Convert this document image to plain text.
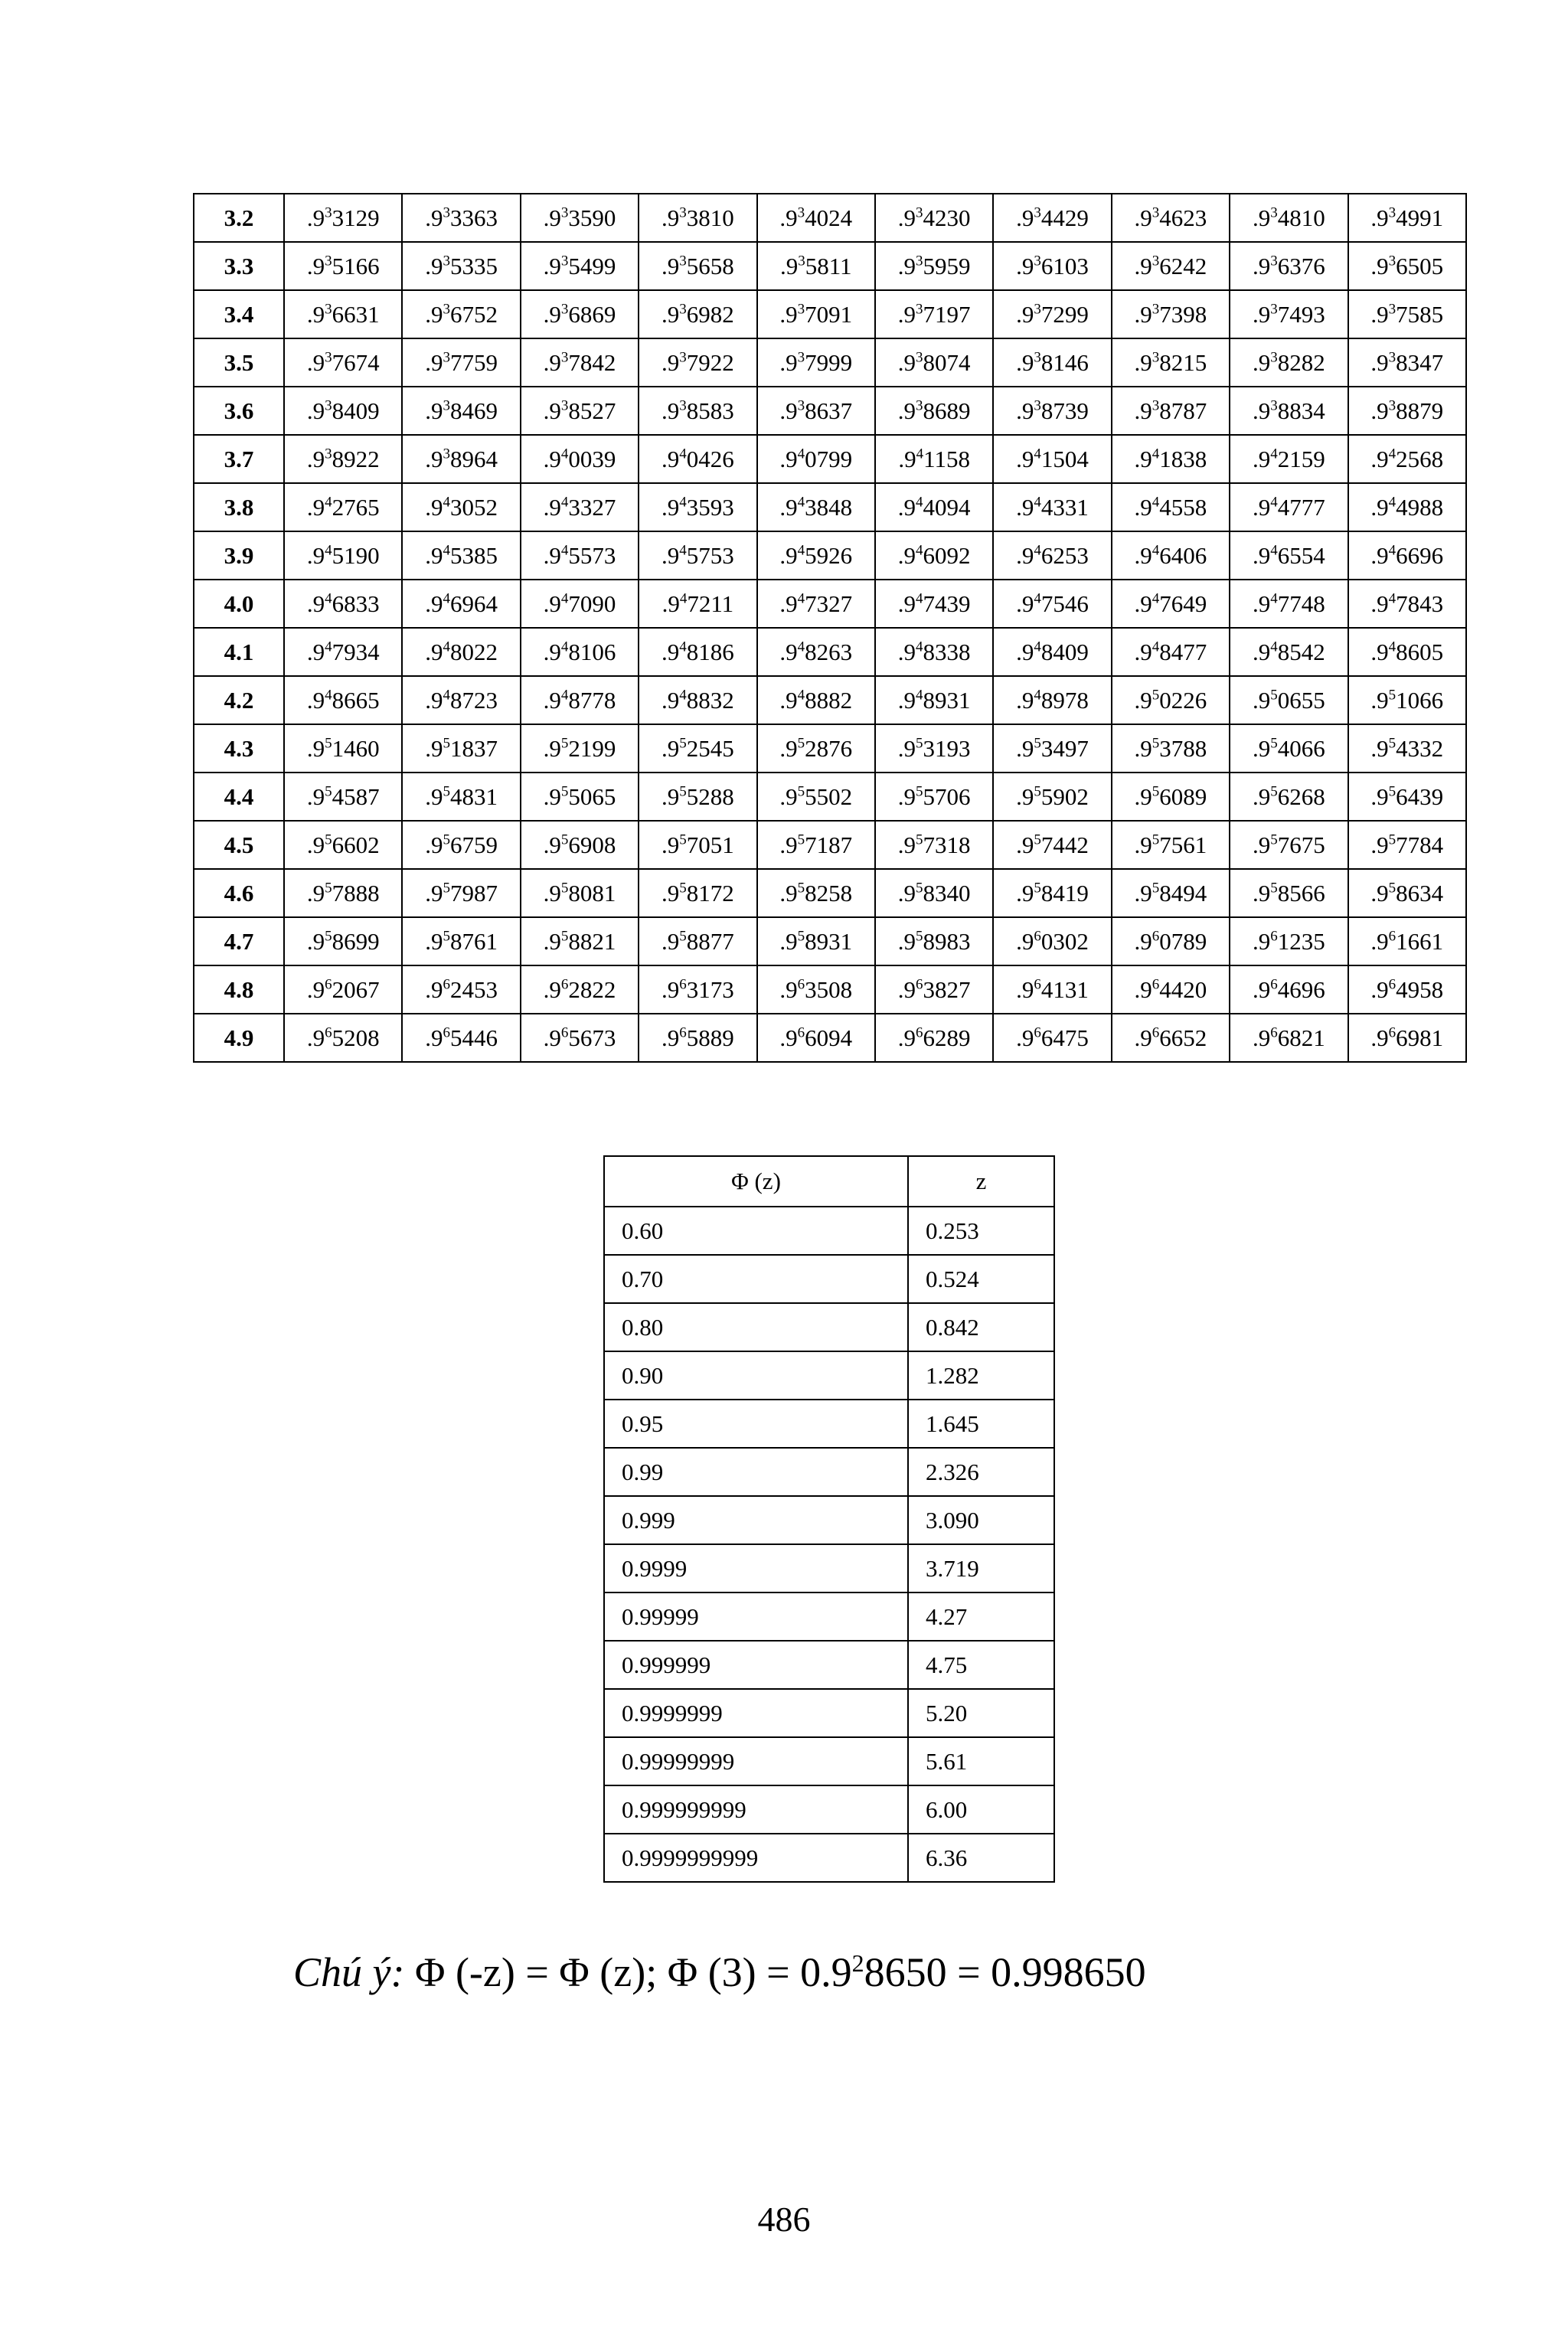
3.2	$.9^33129$	$.9^33363$	$.9^33590$	$.9^33810$	$.9^34024$	$.9^34230$	$.9^34429$	$.9^34623$	$.9^34810$	$.9^34991$
3.3	$.9^35166$	$.9^35335$	$.9^35499$	$.9^35658$	$.9^35811$	$.9^35959$	$.9^36103$	$.9^36242$	$.9^36376$	$.9^36505$
3.4	$.9^36631$	$.9^36752$	$.9^36869$	$.9^36982$	$.9^37091$	$.9^37197$	$.9^37299$	$.9^37398$	$.9^37493$	$.9^37585$
3.5	$.9^37674$	$.9^37759$	$.9^37842$	$.9^37922$	$.9^37999$	$.9^38074$	$.9^38146$	$.9^38215$	$.9^38282$	$.9^38347$
3.6	$.9^38409$	$.9^38469$	$.9^38527$	$.9^38583$	$.9^38637$	$.9^38689$	$.9^38739$	$.9^38787$	$.9^38834$	$.9^38879$
3.7	$.9^38922$	$.9^38964$	$.9^40039$	$.9^40426$	$.9^40799$	$.9^41158$	$.9^41504$	$.9^41838$	$.9^42159$	$.9^42568$
3.8	$.9^42765$	$.9^43052$	$.9^43327$	$.9^43593$	$.9^43848$	$.9^44094$	$.9^44331$	$.9^44558$	$.9^44777$	$.9^44988$
3.9	$.9^45190$	$.9^45385$	$.9^45573$	$.9^45753$	$.9^45926$	$.9^46092$	$.9^46253$	$.9^46406$	$.9^46554$	$.9^46696$
4.0	$.9^46833$	$.9^46964$	$.9^47090$	$.9^47211$	$.9^47327$	$.9^47439$	$.9^47546$	$.9^47649$	$.9^47748$	$.9^47843$
4.1	$.9^47934$	$.9^48022$	$.9^48106$	$.9^48186$	$.9^48263$	$.9^48338$	$.9^48409$	$.9^48477$	$.9^48542$	$.9^48605$
4.2	$.9^48665$	$.9^48723$	$.9^48778$	$.9^48832$	$.9^48882$	$.9^48931$	$.9^48978$	$.9^50226$	$.9^50655$	$.9^51066$
4.3	$.9^51460$	$.9^51837$	$.9^52199$	$.9^52545$	$.9^52876$	$.9^53193$	$.9^53497$	$.9^53788$	$.9^54066$	$.9^54332$
4.4	$.9^54587$	$.9^54831$	$.9^55065$	$.9^55288$	$.9^55502$	$.9^55706$	$.9^55902$	$.9^56089$	$.9^56268$	$.9^56439$
4.5	$.9^56602$	$.9^56759$	$.9^56908$	$.9^57051$	$.9^57187$	$.9^57318$	$.9^57442$	$.9^57561$	$.9^57675$	$.9^57784$
4.6	$.9^57888$	$.9^57987$	$.9^58081$	$.9^58172$	$.9^58258$	$.9^58340$	$.9^58419$	$.9^58494$	$.9^58566$	$.9^58634$
4.7	$.9^58699$	$.9^58761$	$.9^58821$	$.9^58877$	$.9^58931$	$.9^58983$	$.9^60302$	$.9^60789$	$.9^61235$	$.9^61661$
4.8	$.9^62067$	$.9^62453$	$.9^62822$	$.9^63173$	$.9^63508$	$.9^63827$	$.9^64131$	$.9^64420$	$.9^64696$	$.9^64958$
4.9	$.9^65208$	$.9^65446$	$.9^65673$	$.9^65889$	$.9^66094$	$.9^66289$	$.9^66475$	$.9^66652$	$.9^66821$	$.9^66981$
Φ (z)	z
0.60	0.253
0.70	0.524
0.80	0.842
0.90	1.282
0.95	1.645
0.99	2.326
0.999	3.090
0.9999	3.719
0.99999	4.27
0.999999	4.75
0.9999999	5.20
0.99999999	5.61
0.999999999	6.00
0.9999999999	6.36
Chú ý: Φ (-z) = Φ (z); Φ $(3) = 0.9^28650 = 0.998650$
486
